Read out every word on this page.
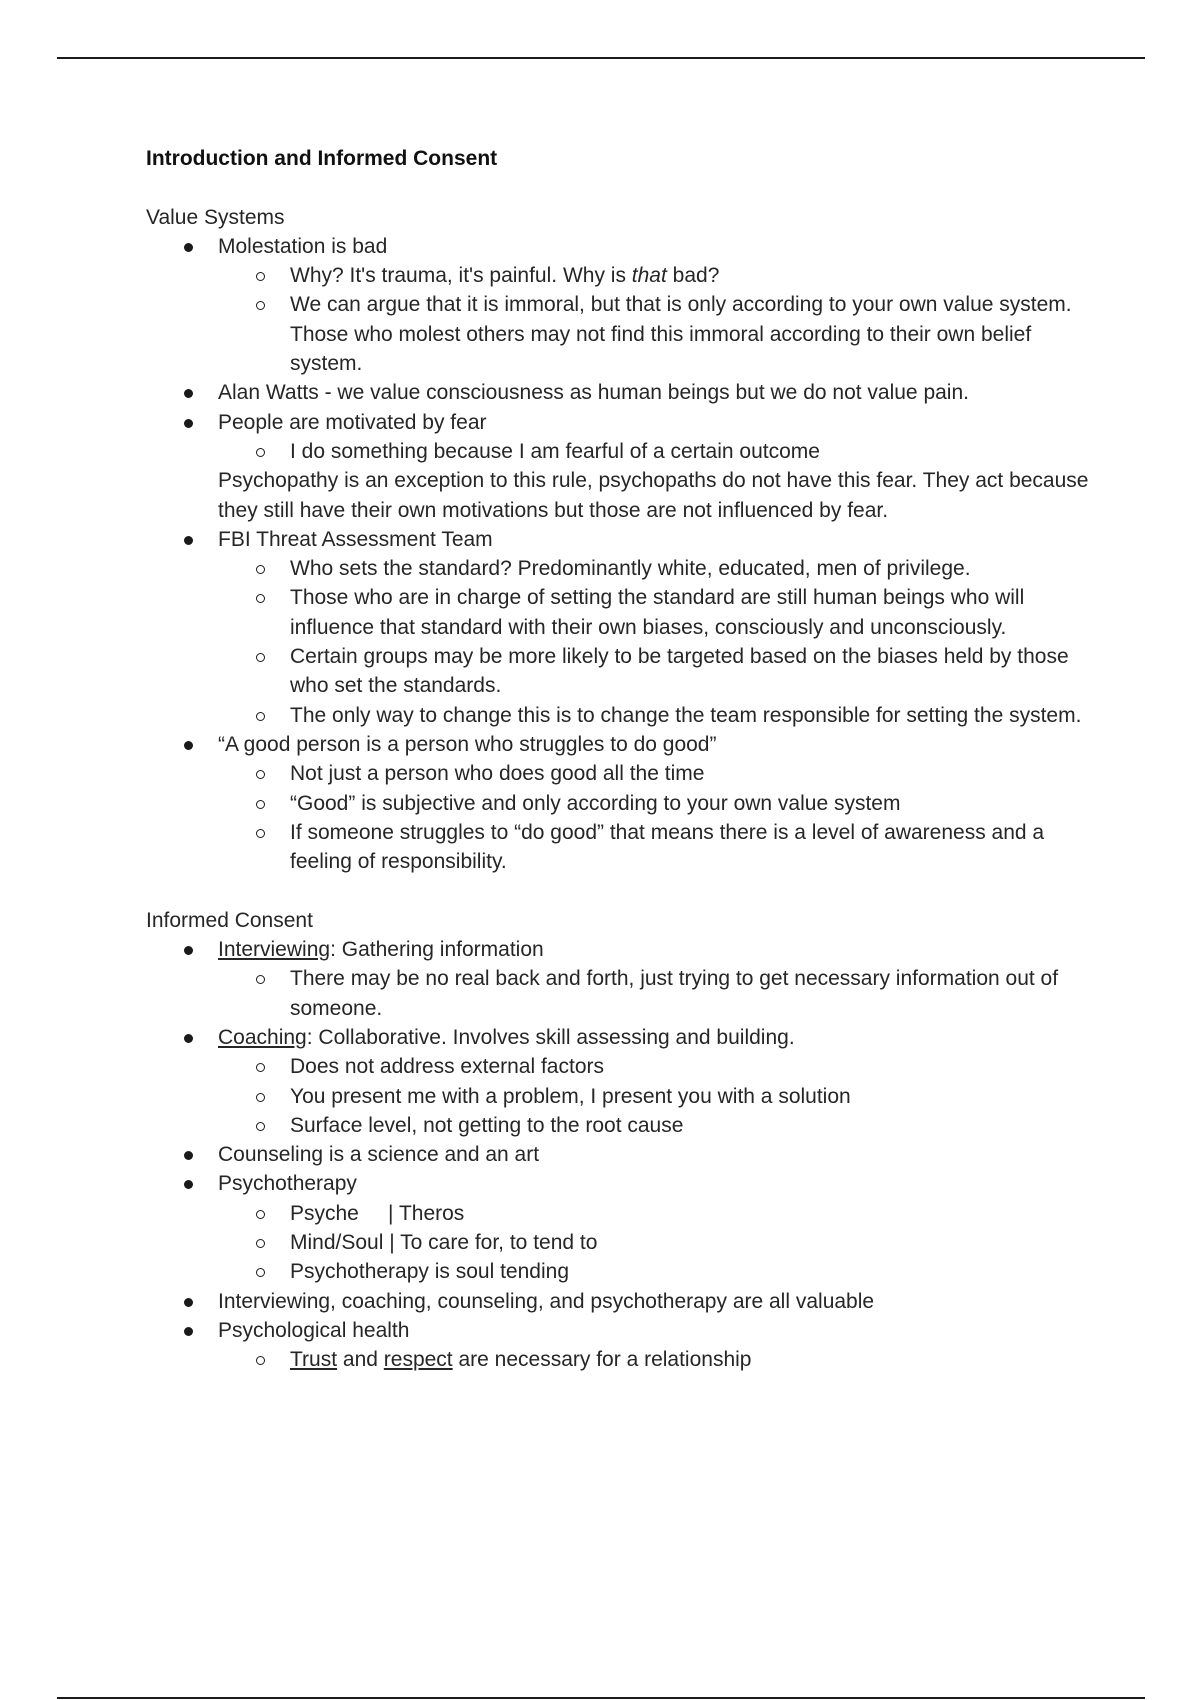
Introduction and Informed Consent

Value Systems

Molestation is bad
Why? It's trauma, it's painful. Why is that bad?
We can argue that it is immoral, but that is only according to your own value system. Those who molest others may not find this immoral according to their own belief system.
Alan Watts - we value consciousness as human beings but we do not value pain.
People are motivated by fear
I do something because I am fearful of a certain outcome
Psychopathy is an exception to this rule, psychopaths do not have this fear. They act because they still have their own motivations but those are not influenced by fear.
FBI Threat Assessment Team
Who sets the standard? Predominantly white, educated, men of privilege.
Those who are in charge of setting the standard are still human beings who will influence that standard with their own biases, consciously and unconsciously.
Certain groups may be more likely to be targeted based on the biases held by those who set the standards.
The only way to change this is to change the team responsible for setting the system.
“A good person is a person who struggles to do good”
Not just a person who does good all the time
“Good” is subjective and only according to your own value system
If someone struggles to “do good” that means there is a level of awareness and a feeling of responsibility.

Informed Consent

Interviewing: Gathering information
There may be no real back and forth, just trying to get necessary information out of someone.
Coaching: Collaborative. Involves skill assessing and building.
Does not address external factors
You present me with a problem, I present you with a solution
Surface level, not getting to the root cause
Counseling is a science and an art
Psychotherapy
Psyche     | Theros
Mind/Soul | To care for, to tend to
Psychotherapy is soul tending
Interviewing, coaching, counseling, and psychotherapy are all valuable
Psychological health
Trust and respect are necessary for a relationship
